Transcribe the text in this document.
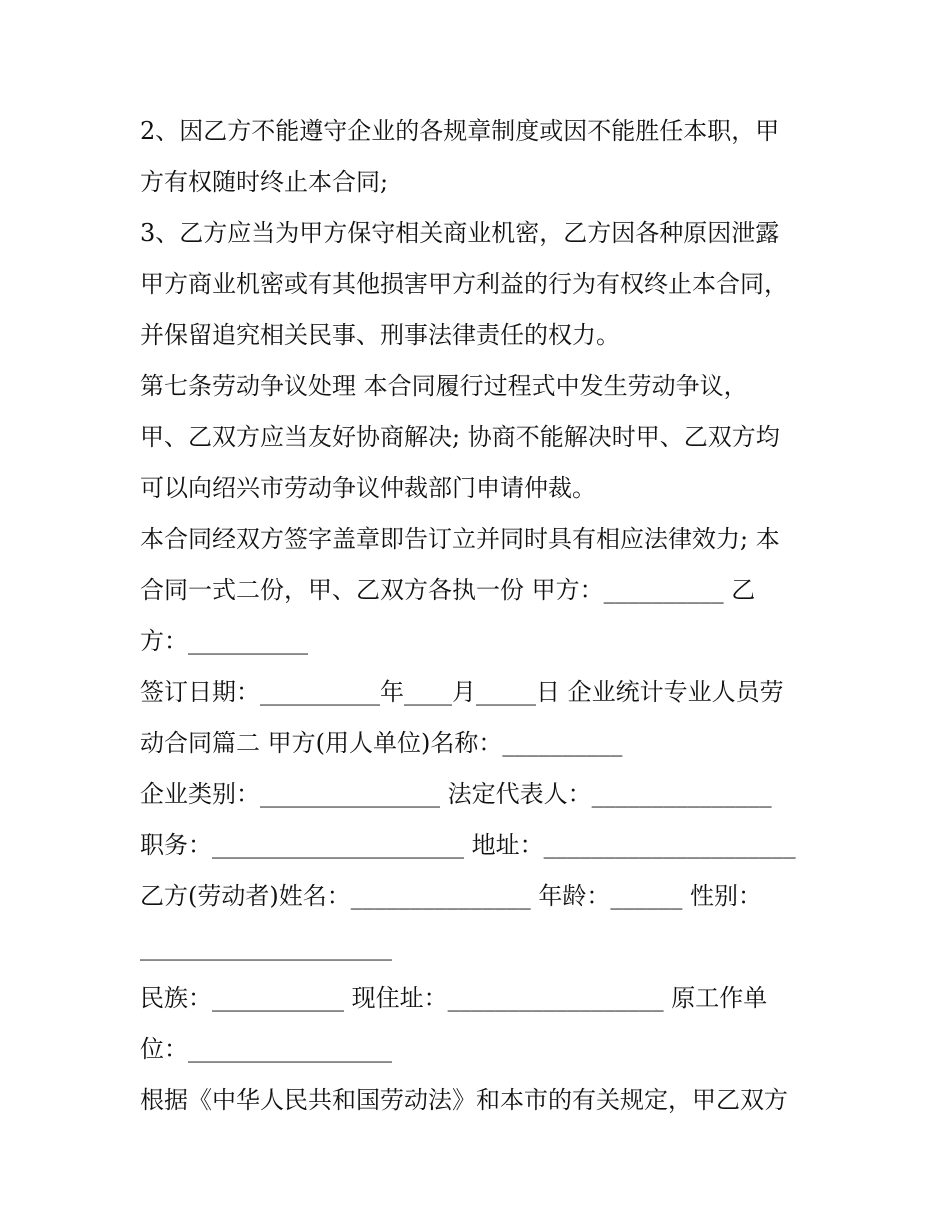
2、因乙方不能遵守企业的各规章制度或因不能胜任本职，甲
方有权随时终止本合同;
3、乙方应当为甲方保守相关商业机密，乙方因各种原因泄露
甲方商业机密或有其他损害甲方利益的行为有权终止本合同，
并保留追究相关民事、刑事法律责任的权力。
第七条劳动争议处理 本合同履行过程式中发生劳动争议，
甲、乙双方应当友好协商解决; 协商不能解决时甲、乙双方均
可以向绍兴市劳动争议仲裁部门申请仲裁。
本合同经双方签字盖章即告订立并同时具有相应法律效力; 本
合同一式二份，甲、乙双方各执一份 甲方：__________ 乙
方：__________
签订日期：__________年____月_____日 企业统计专业人员劳
动合同篇二 甲方(用人单位)名称：__________
企业类别：_______________ 法定代表人：_______________
职务：_____________________ 地址：_____________________
乙方(劳动者)姓名：_______________ 年龄：______ 性别：
_____________________
民族：___________ 现住址：__________________ 原工作单
位：_________________
根据《中华人民共和国劳动法》和本市的有关规定，甲乙双方
